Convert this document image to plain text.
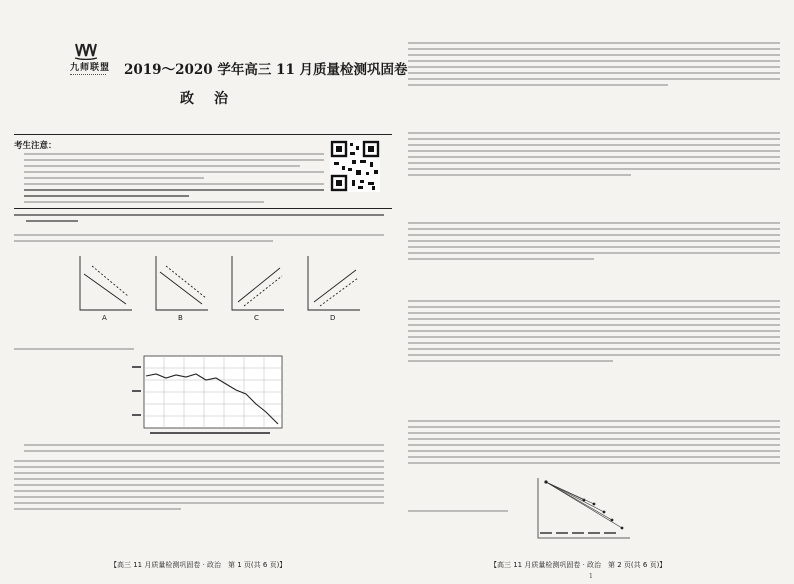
九师联盟 2019～2020 学年高三 11 月质量检测巩固卷
政治
考生注意：
A	B	C	D
【高三 11 月质量检测巩固卷 · 政治　第 1 页(共 6 页)】	【高三 11 月质量检测巩固卷 · 政治　第 2 页(共 6 页)】
1
